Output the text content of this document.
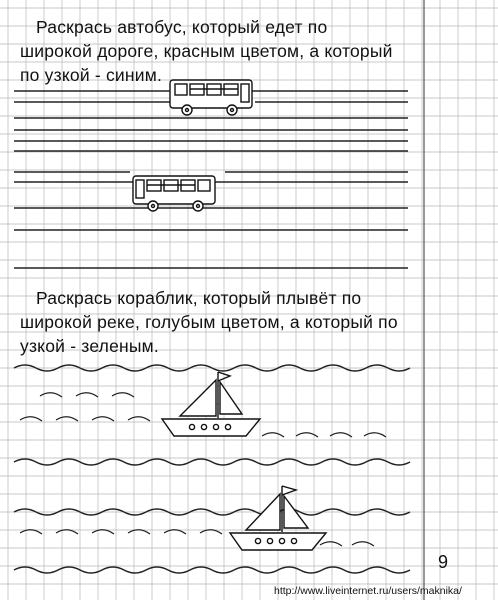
Раскрась автобус, который едет по
широкой дороге, красным цветом, а который
по узкой - синим.
Раскрась кораблик, который плывёт по
широкой реке, голубым цветом, а который по
узкой - зеленым.
9
http://www.liveinternet.ru/users/maknika/
